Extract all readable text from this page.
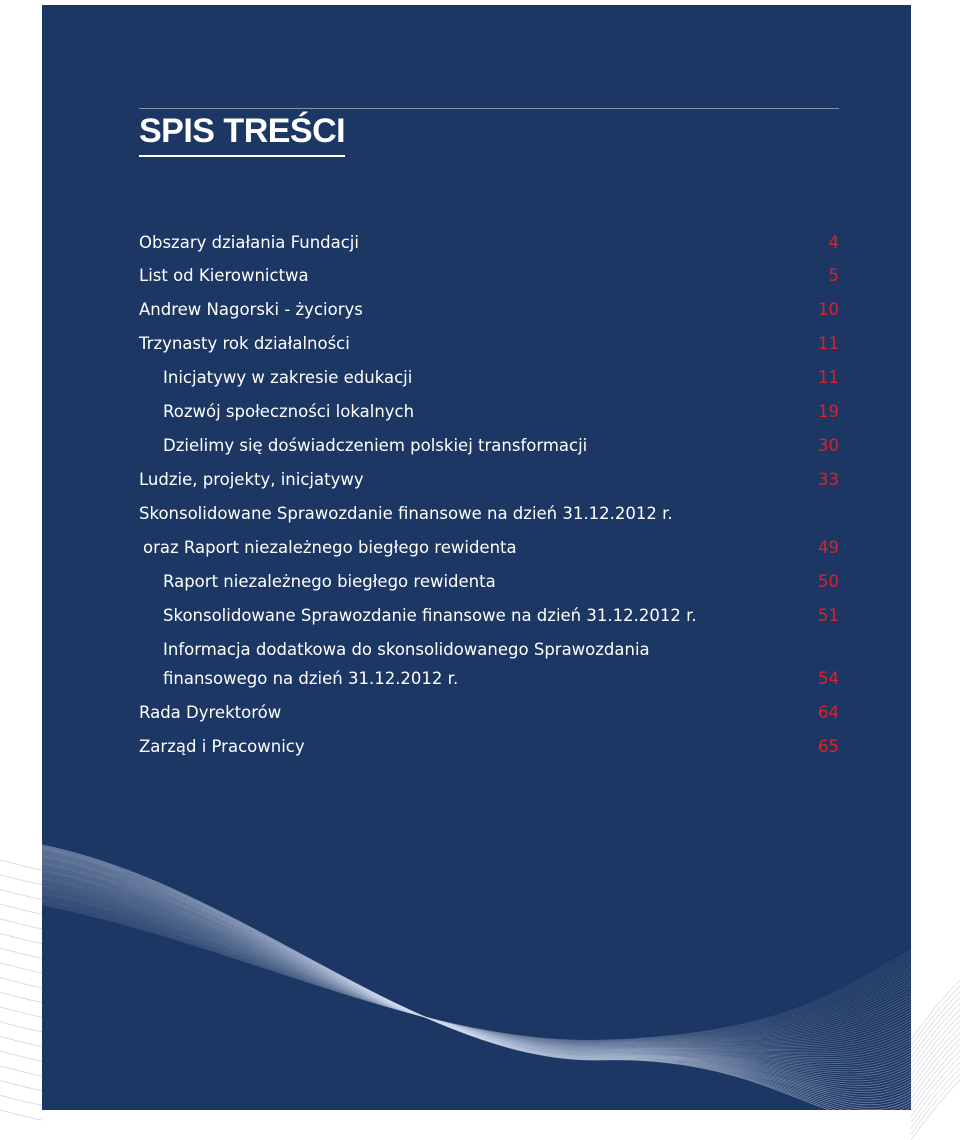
SPIS TREŚCI
Obszary działania Fundacji	4
List od Kierownictwa	5
Andrew Nagorski - życiorys	10
Trzynasty rok działalności	11
Inicjatywy w zakresie edukacji	11
Rozwój społeczności lokalnych	19
Dzielimy się doświadczeniem polskiej transformacji	30
Ludzie, projekty, inicjatywy	33
Skonsolidowane Sprawozdanie finansowe na dzień 31.12.2012 r.
oraz Raport niezależnego biegłego rewidenta	49
Raport niezależnego biegłego rewidenta	50
Skonsolidowane Sprawozdanie finansowe na dzień 31.12.2012 r.	51
Informacja dodatkowa do skonsolidowanego Sprawozdania
finansowego na dzień 31.12.2012 r.	54
Rada Dyrektorów	64
Zarząd i Pracownicy	65
